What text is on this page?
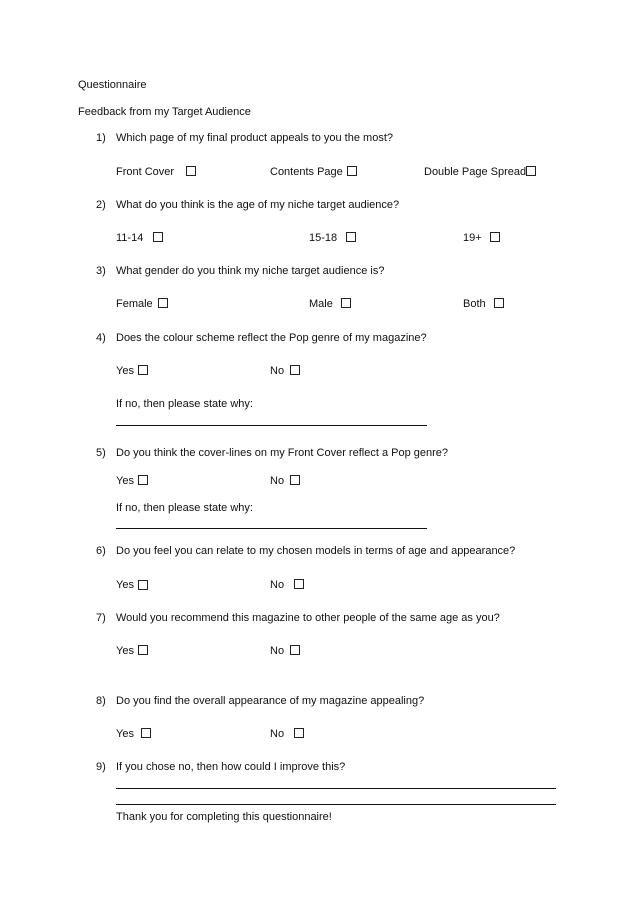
Questionnaire
Feedback from my Target Audience
1) Which page of my final product appeals to you the most?
Front Cover	Contents Page	Double Page Spread
2) What do you think is the age of my niche target audience?
11-14	15-18	19+
3) What gender do you think my niche target audience is?
Female	Male	Both
4) Does the colour scheme reflect the Pop genre of my magazine?
Yes	No
If no, then please state why:
5) Do you think the cover-lines on my Front Cover reflect a Pop genre?
Yes	No
If no, then please state why:
6) Do you feel you can relate to my chosen models in terms of age and appearance?
Yes	No
7) Would you recommend this magazine to other people of the same age as you?
Yes	No
8) Do you find the overall appearance of my magazine appealing?
Yes	No
9) If you chose no, then how could I improve this?
Thank you for completing this questionnaire!
